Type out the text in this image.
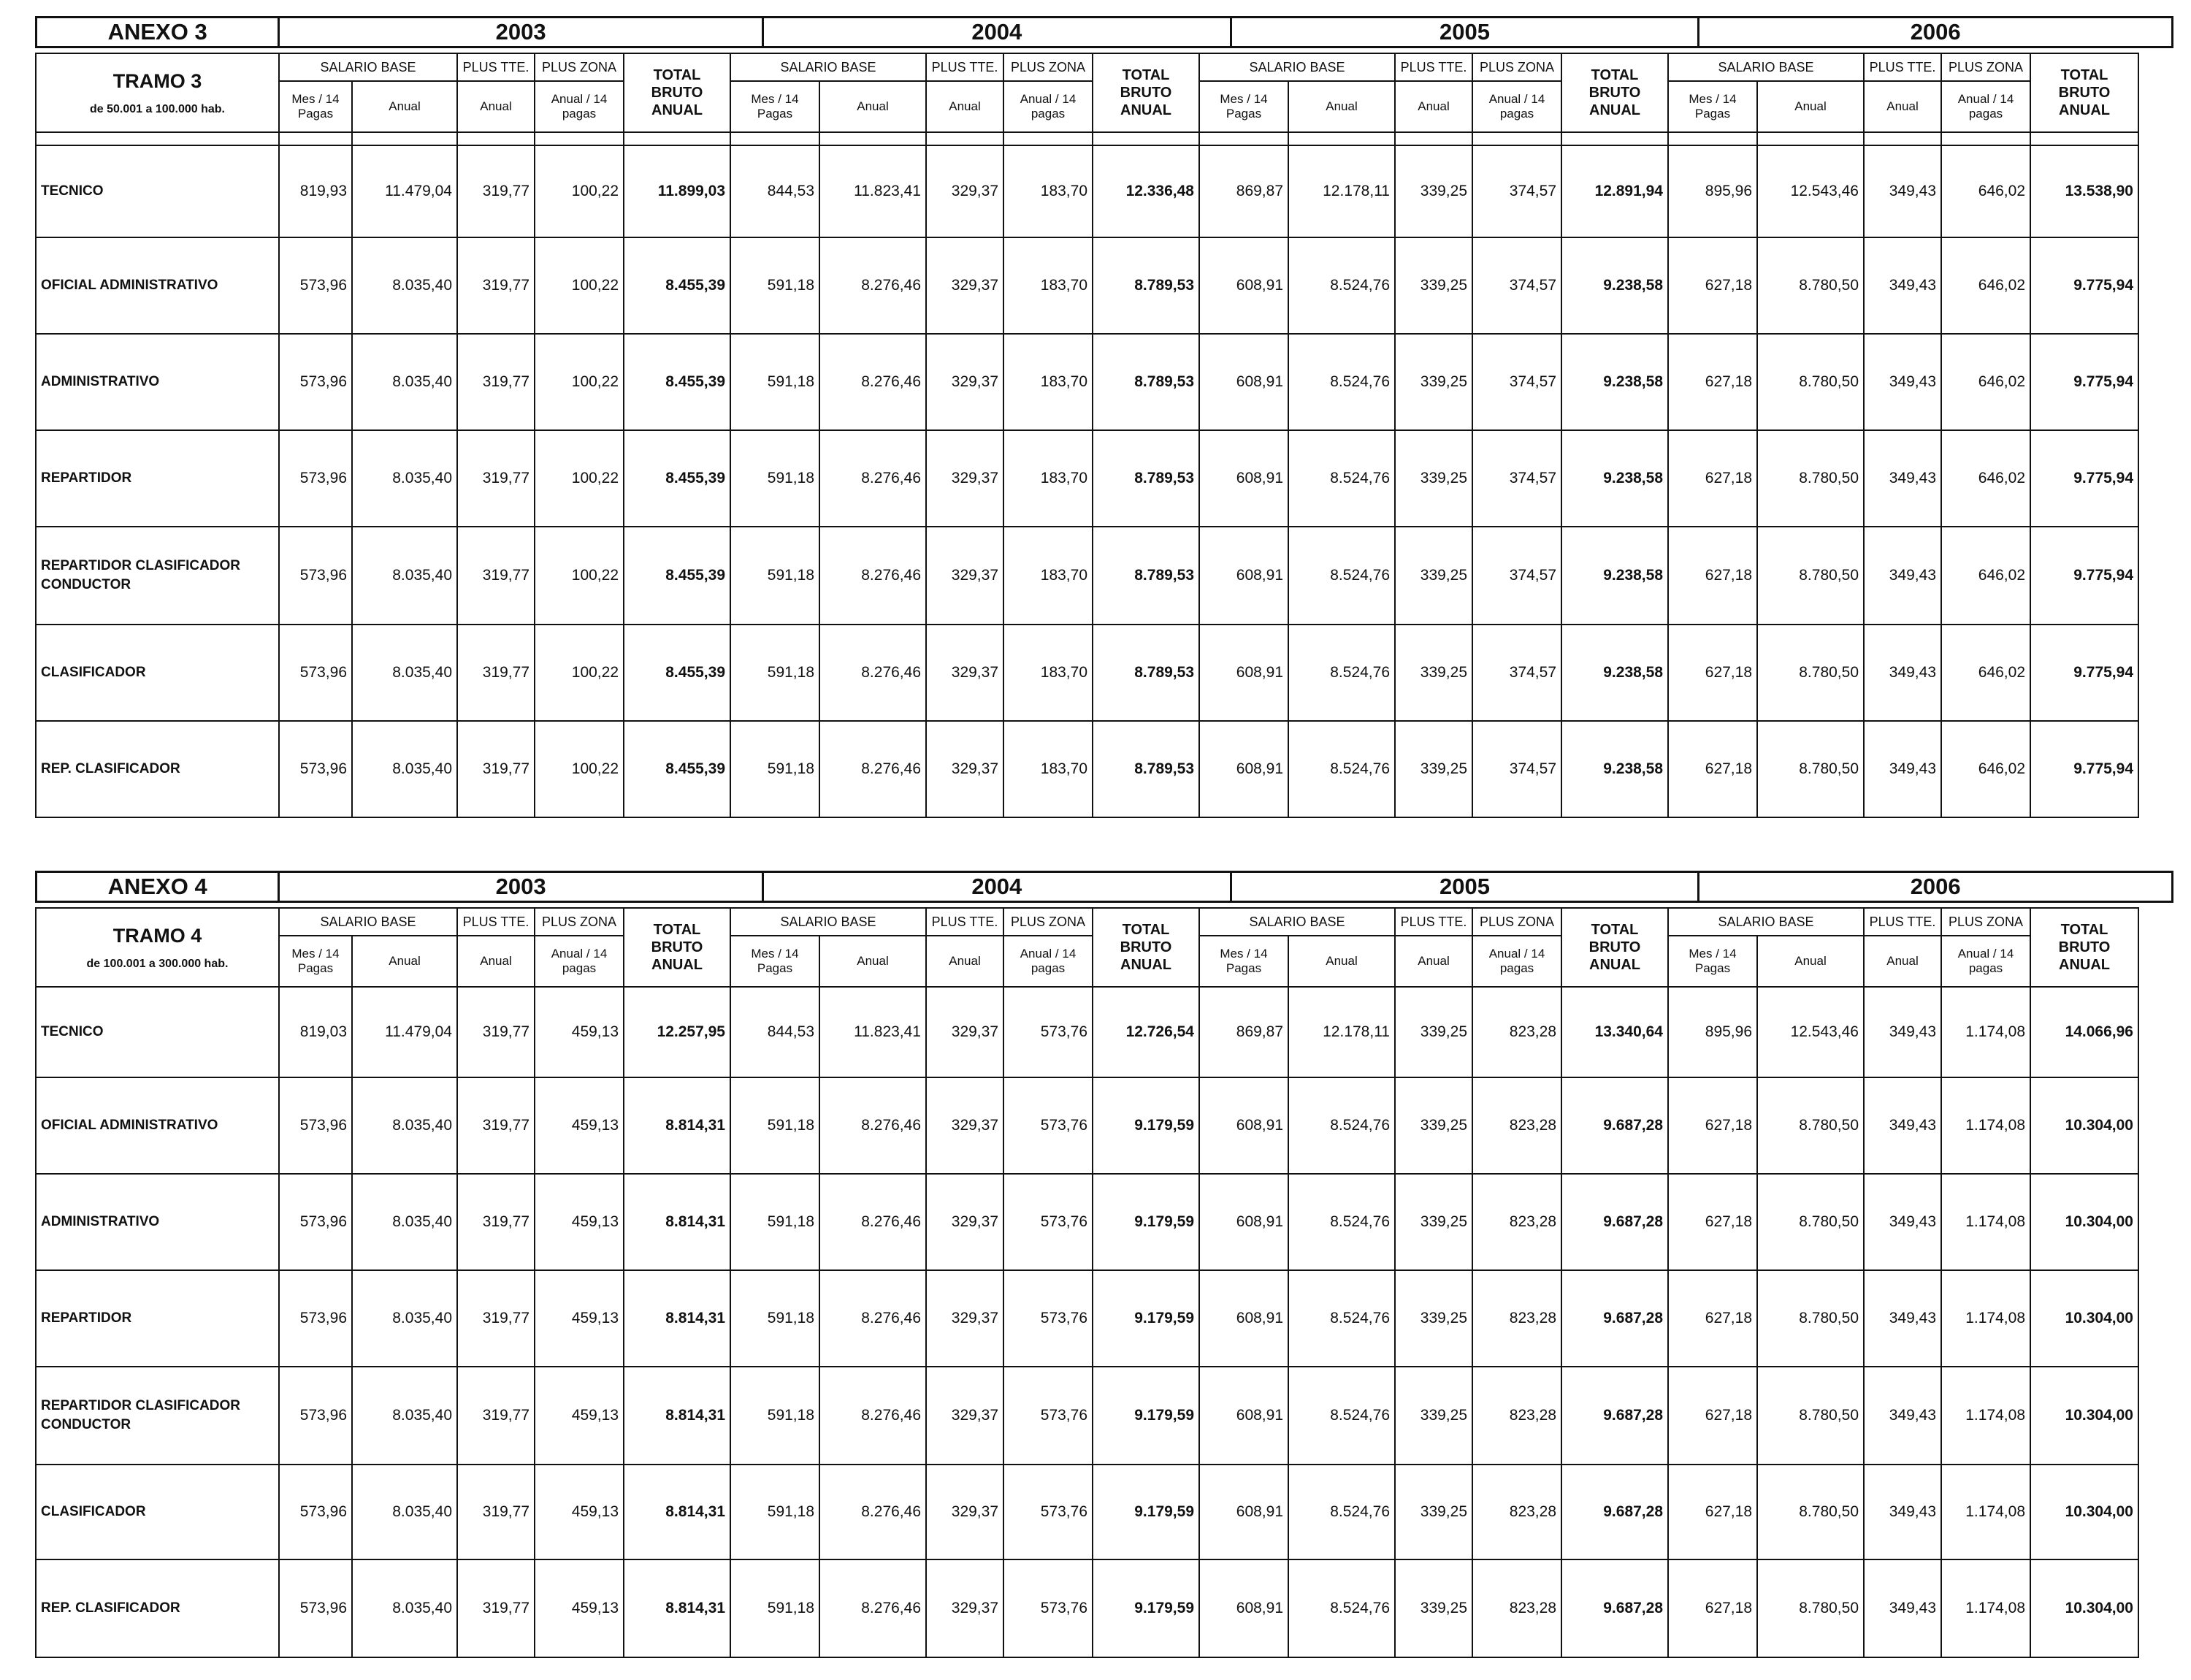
ANEXO 3	2003	2004	2005	2006
TRAMO 3
de 50.001 a 100.000 hab.	SALARIO BASE		PLUS TTE.	PLUS ZONA	TOTAL BRUTO ANUAL	SALARIO BASE		PLUS TTE.	PLUS ZONA	TOTAL BRUTO ANUAL	SALARIO BASE		PLUS TTE.	PLUS ZONA	TOTAL BRUTO ANUAL	SALARIO BASE		PLUS TTE.	PLUS ZONA	TOTAL BRUTO ANUAL
	Mes / 14 Pagas	Anual	Anual	Anual / 14 pagas		Mes / 14 Pagas	Anual	Anual	Anual / 14 pagas		Mes / 14 Pagas	Anual	Anual	Anual / 14 pagas		Mes / 14 Pagas	Anual	Anual	Anual / 14 pagas	

TECNICO	819,93	11.479,04	319,77	100,22	11.899,03	844,53	11.823,41	329,37	183,70	12.336,48	869,87	12.178,11	339,25	374,57	12.891,94	895,96	12.543,46	349,43	646,02	13.538,90
OFICIAL ADMINISTRATIVO	573,96	8.035,40	319,77	100,22	8.455,39	591,18	8.276,46	329,37	183,70	8.789,53	608,91	8.524,76	339,25	374,57	9.238,58	627,18	8.780,50	349,43	646,02	9.775,94
ADMINISTRATIVO	573,96	8.035,40	319,77	100,22	8.455,39	591,18	8.276,46	329,37	183,70	8.789,53	608,91	8.524,76	339,25	374,57	9.238,58	627,18	8.780,50	349,43	646,02	9.775,94
REPARTIDOR	573,96	8.035,40	319,77	100,22	8.455,39	591,18	8.276,46	329,37	183,70	8.789,53	608,91	8.524,76	339,25	374,57	9.238,58	627,18	8.780,50	349,43	646,02	9.775,94
REPARTIDOR CLASIFICADOR CONDUCTOR	573,96	8.035,40	319,77	100,22	8.455,39	591,18	8.276,46	329,37	183,70	8.789,53	608,91	8.524,76	339,25	374,57	9.238,58	627,18	8.780,50	349,43	646,02	9.775,94
CLASIFICADOR	573,96	8.035,40	319,77	100,22	8.455,39	591,18	8.276,46	329,37	183,70	8.789,53	608,91	8.524,76	339,25	374,57	9.238,58	627,18	8.780,50	349,43	646,02	9.775,94
REP. CLASIFICADOR	573,96	8.035,40	319,77	100,22	8.455,39	591,18	8.276,46	329,37	183,70	8.789,53	608,91	8.524,76	339,25	374,57	9.238,58	627,18	8.780,50	349,43	646,02	9.775,94
ANEXO 4	2003	2004	2005	2006
TRAMO 4
de 100.001 a 300.000 hab.	SALARIO BASE		PLUS TTE.	PLUS ZONA	TOTAL BRUTO ANUAL	SALARIO BASE		PLUS TTE.	PLUS ZONA	TOTAL BRUTO ANUAL	SALARIO BASE		PLUS TTE.	PLUS ZONA	TOTAL BRUTO ANUAL	SALARIO BASE		PLUS TTE.	PLUS ZONA	TOTAL BRUTO ANUAL
	Mes / 14 Pagas	Anual	Anual	Anual / 14 pagas		Mes / 14 Pagas	Anual	Anual	Anual / 14 pagas		Mes / 14 Pagas	Anual	Anual	Anual / 14 pagas		Mes / 14 Pagas	Anual	Anual	Anual / 14 pagas	
TECNICO	819,03	11.479,04	319,77	459,13	12.257,95	844,53	11.823,41	329,37	573,76	12.726,54	869,87	12.178,11	339,25	823,28	13.340,64	895,96	12.543,46	349,43	1.174,08	14.066,96
OFICIAL ADMINISTRATIVO	573,96	8.035,40	319,77	459,13	8.814,31	591,18	8.276,46	329,37	573,76	9.179,59	608,91	8.524,76	339,25	823,28	9.687,28	627,18	8.780,50	349,43	1.174,08	10.304,00
ADMINISTRATIVO	573,96	8.035,40	319,77	459,13	8.814,31	591,18	8.276,46	329,37	573,76	9.179,59	608,91	8.524,76	339,25	823,28	9.687,28	627,18	8.780,50	349,43	1.174,08	10.304,00
REPARTIDOR	573,96	8.035,40	319,77	459,13	8.814,31	591,18	8.276,46	329,37	573,76	9.179,59	608,91	8.524,76	339,25	823,28	9.687,28	627,18	8.780,50	349,43	1.174,08	10.304,00
REPARTIDOR CLASIFICADOR CONDUCTOR	573,96	8.035,40	319,77	459,13	8.814,31	591,18	8.276,46	329,37	573,76	9.179,59	608,91	8.524,76	339,25	823,28	9.687,28	627,18	8.780,50	349,43	1.174,08	10.304,00
CLASIFICADOR	573,96	8.035,40	319,77	459,13	8.814,31	591,18	8.276,46	329,37	573,76	9.179,59	608,91	8.524,76	339,25	823,28	9.687,28	627,18	8.780,50	349,43	1.174,08	10.304,00
REP. CLASIFICADOR	573,96	8.035,40	319,77	459,13	8.814,31	591,18	8.276,46	329,37	573,76	9.179,59	608,91	8.524,76	339,25	823,28	9.687,28	627,18	8.780,50	349,43	1.174,08	10.304,00
